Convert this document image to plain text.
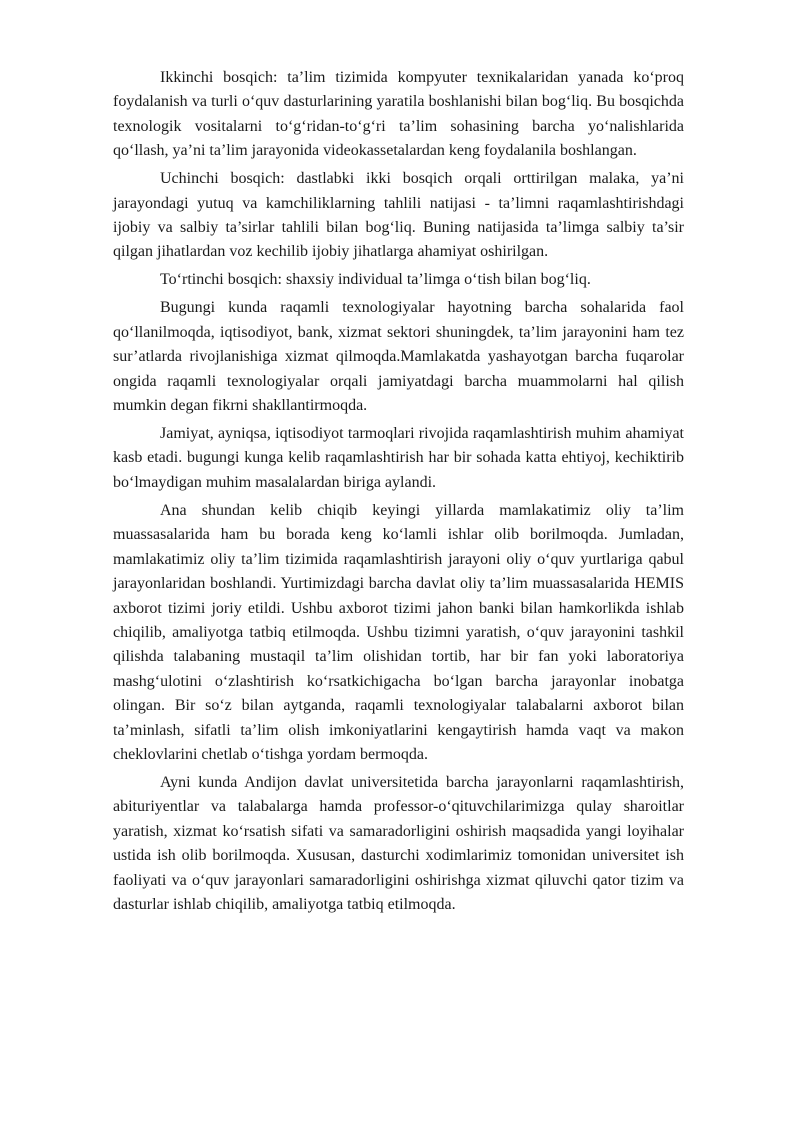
Ikkinchi bosqich: ta’lim tizimida kompyuter texnikalaridan yanada ko‘proq foydalanish va turli o‘quv dasturlarining yaratila boshlanishi bilan bog‘liq. Bu bosqichda texnologik vositalarni to‘g‘ridan-to‘g‘ri ta’lim sohasining barcha yo‘nalishlarida qo‘llash, ya’ni ta’lim jarayonida videokassetalardan keng foydalanila boshlangan.

Uchinchi bosqich: dastlabki ikki bosqich orqali orttirilgan malaka, ya’ni jarayondagi yutuq va kamchiliklarning tahlili natijasi - ta’limni raqamlashtirishdagi ijobiy va salbiy ta’sirlar tahlili bilan bog‘liq. Buning natijasida ta’limga salbiy ta’sir qilgan jihatlardan voz kechilib ijobiy jihatlarga ahamiyat oshirilgan.

To‘rtinchi bosqich: shaxsiy individual ta’limga o‘tish bilan bog‘liq.

Bugungi kunda raqamli texnologiyalar hayotning barcha sohalarida faol qo‘llanilmoqda, iqtisodiyot, bank, xizmat sektori shuningdek, ta’lim jarayonini ham tez sur’atlarda rivojlanishiga xizmat qilmoqda.Mamlakatda yashayotgan barcha fuqarolar ongida raqamli texnologiyalar orqali jamiyatdagi barcha muammolarni hal qilish mumkin degan fikrni shakllantirmoqda.

Jamiyat, ayniqsa, iqtisodiyot tarmoqlari rivojida raqamlashtirish muhim ahamiyat kasb etadi. bugungi kunga kelib raqamlashtirish har bir sohada katta ehtiyoj, kechiktirib bo‘lmaydigan muhim masalalardan biriga aylandi.

Ana shundan kelib chiqib keyingi yillarda mamlakatimiz oliy ta’lim muassasalarida ham bu borada keng ko‘lamli ishlar olib borilmoqda. Jumladan, mamlakatimiz oliy ta’lim tizimida raqamlashtirish jarayoni oliy o‘quv yurtlariga qabul jarayonlaridan boshlandi. Yurtimizdagi barcha davlat oliy ta’lim muassasalarida HEMIS axborot tizimi joriy etildi. Ushbu axborot tizimi jahon banki bilan hamkorlikda ishlab chiqilib, amaliyotga tatbiq etilmoqda. Ushbu tizimni yaratish, o‘quv jarayonini tashkil qilishda talabaning mustaqil ta’lim olishidan tortib, har bir fan yoki laboratoriya mashg‘ulotini o‘zlashtirish ko‘rsatkichigacha bo‘lgan barcha jarayonlar inobatga olingan. Bir so‘z bilan aytganda, raqamli texnologiyalar talabalarni axborot bilan ta’minlash, sifatli ta’lim olish imkoniyatlarini kengaytirish hamda vaqt va makon cheklovlarini chetlab o‘tishga yordam bermoqda.

Ayni kunda Andijon davlat universitetida barcha jarayonlarni raqamlashtirish, abituriyentlar va talabalarga hamda professor-o‘qituvchilarimizga qulay sharoitlar yaratish, xizmat ko‘rsatish sifati va samaradorligini oshirish maqsadida yangi loyihalar ustida ish olib borilmoqda. Xususan, dasturchi xodimlarimiz tomonidan universitet ish faoliyati va o‘quv jarayonlari samaradorligini oshirishga xizmat qiluvchi qator tizim va dasturlar ishlab chiqilib, amaliyotga tatbiq etilmoqda.
